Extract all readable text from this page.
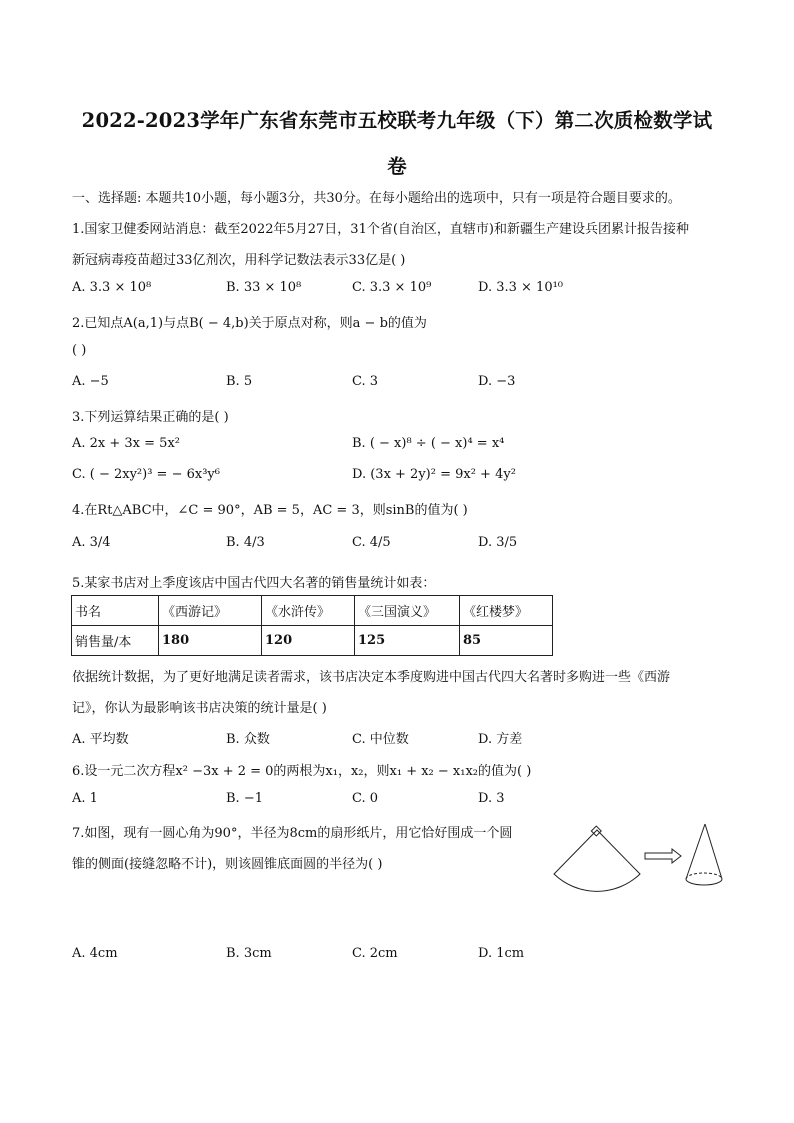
2022-2023学年广东省东莞市五校联考九年级（下）第二次质检数学试
卷
一、选择题: 本题共10小题，每小题3分，共30分。在每小题给出的选项中，只有一项是符合题目要求的。
1.国家卫健委网站消息：截至2022年5月27日，31个省(自治区，直辖市)和新疆生产建设兵团累计报告接种
新冠病毒疫苗超过33亿剂次，用科学记数法表示33亿是( )
A. 3.3 × 10⁸	B. 33 × 10⁸	C. 3.3 × 10⁹	D. 3.3 × 10¹⁰
2.已知点A(a,1)与点B( − 4,b)关于原点对称，则a − b的值为
( )
A. −5	B. 5	C. 3	D. −3
3.下列运算结果正确的是( )
A. 2x + 3x = 5x²	B. ( − x)⁸ ÷ ( − x)⁴ = x⁴
C. ( − 2xy²)³ = − 6x³y⁶	D. (3x + 2y)² = 9x² + 4y²
4.在Rt△ABC中，∠C = 90°，AB = 5，AC = 3，则sinB的值为( )
A. 3/4	B. 4/3	C. 4/5	D. 3/5
5.某家书店对上季度该店中国古代四大名著的销售量统计如表：
书名	《西游记》	《水浒传》	《三国演义》	《红楼梦》
销售量/本	180	120	125	85
依据统计数据，为了更好地满足读者需求，该书店决定本季度购进中国古代四大名著时多购进一些《西游
记》，你认为最影响该书店决策的统计量是( )
A. 平均数	B. 众数	C. 中位数	D. 方差
6.设一元二次方程x² −3x + 2 = 0的两根为x₁，x₂，则x₁ + x₂ − x₁x₂的值为( )
A. 1	B. −1	C. 0	D. 3
7.如图，现有一圆心角为90°，半径为8cm的扇形纸片，用它恰好围成一个圆
锥的侧面(接缝忽略不计)，则该圆锥底面圆的半径为( )
A. 4cm	B. 3cm	C. 2cm	D. 1cm
